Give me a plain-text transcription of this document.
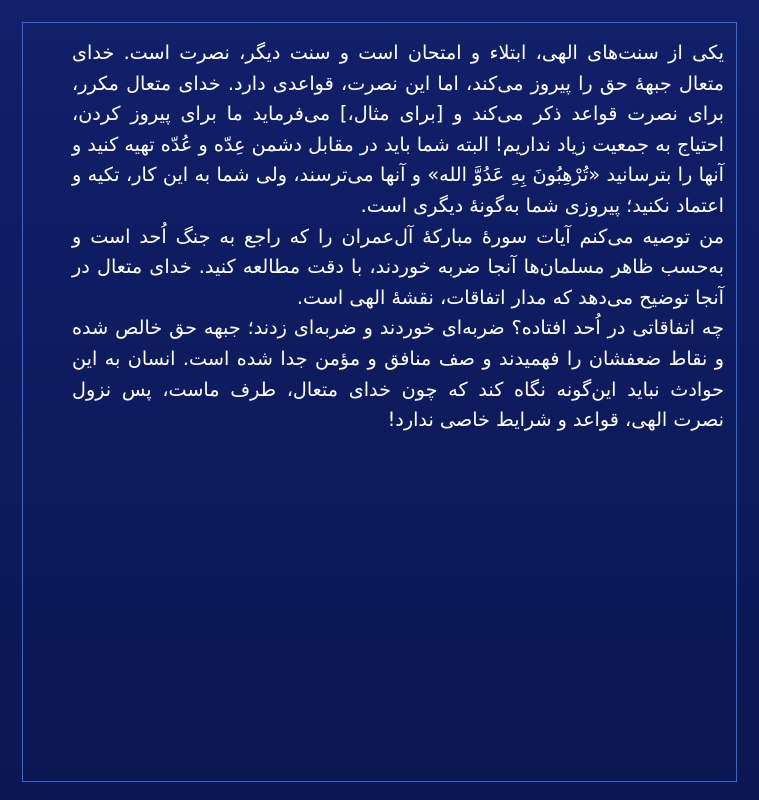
یکی از سنت‌های الهی، ابتلاء و امتحان است و سنت دیگر، نصرت است. خدای متعال جبههٔ حق را پیروز می‌کند، اما این نصرت، قواعدی دارد. خدای متعال مکرر، برای نصرت قواعد ذکر می‌کند و [برای مثال،] می‌فرماید ما برای پیروز کردن، احتیاج به جمعیت زیاد نداریم! البته شما باید در مقابل دشمن عِدّه و عُدّه تهیه کنید و آنها را بترسانید «تُرْهِبُونَ بِهِ عَدُوَّ الله» و آنها می‌ترسند، ولی شما به این کار، تکیه و اعتماد نکنید؛ پیروزی شما به‌گونهٔ دیگری است.

من توصیه می‌کنم آیات سورهٔ مبارکهٔ آل‌عمران را که راجع به جنگ اُحد است و به‌حسب ظاهر مسلمان‌ها آنجا ضربه خوردند، با دقت مطالعه کنید. خدای متعال در آنجا توضیح می‌دهد که مدار اتفاقات، نقشهٔ الهی است.

چه اتفاقاتی در اُحد افتاده؟ ضربه‌ای خوردند و ضربه‌ای زدند؛ جبهه حق خالص شده و نقاط ضعفشان را فهمیدند و صف منافق و مؤمن جدا شده است. انسان به این حوادث نباید این‌گونه نگاه کند که چون خدای متعال، طرف ماست، پس نزول نصرت الهی، قواعد و شرایط خاصی ندارد!
